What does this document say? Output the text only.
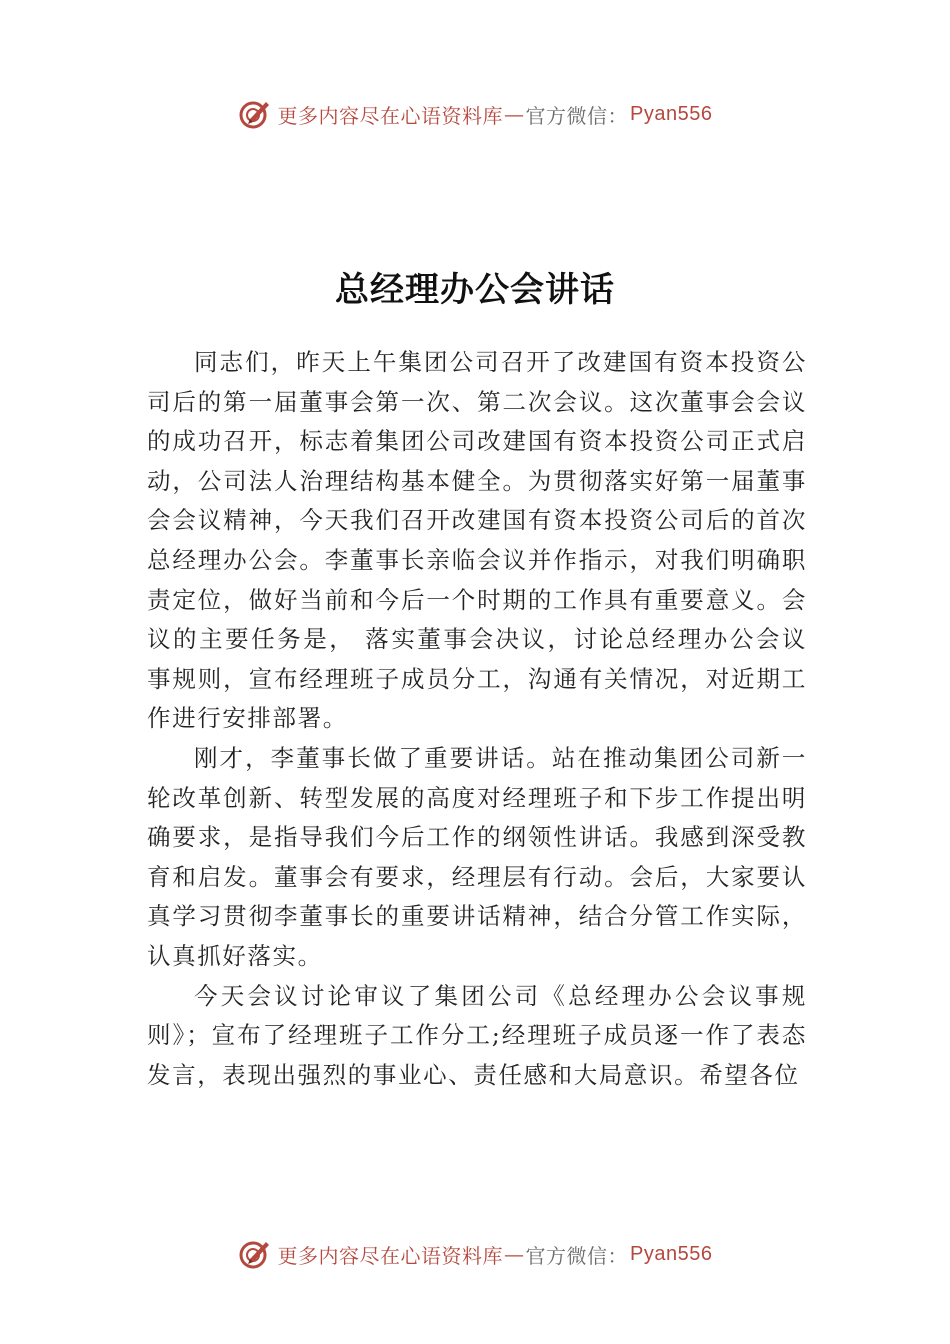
更多内容尽在心语资料库 — 官方微信： Pyan556
总经理办公会讲话

同志们，昨天上午集团公司召开了改建国有资本投资公司后的第一届董事会第一次、第二次会议。这次董事会会议的成功召开，标志着集团公司改建国有资本投资公司正式启动，公司法人治理结构基本健全。为贯彻落实好第一届董事会会议精神，今天我们召开改建国有资本投资公司后的首次总经理办公会。李董事长亲临会议并作指示，对我们明确职责定位，做好当前和今后一个时期的工作具有重要意义。会议的主要任务是， 落实董事会决议，讨论总经理办公会议事规则，宣布经理班子成员分工，沟通有关情况，对近期工作进行安排部署。

刚才，李董事长做了重要讲话。站在推动集团公司新一轮改革创新、转型发展的高度对经理班子和下步工作提出明确要求，是指导我们今后工作的纲领性讲话。我感到深受教育和启发。董事会有要求，经理层有行动。会后，大家要认真学习贯彻李董事长的重要讲话精神，结合分管工作实际，认真抓好落实。

今天会议讨论审议了集团公司《总经理办公会议事规则》；宣布了经理班子工作分工;经理班子成员逐一作了表态发言，表现出强烈的事业心、责任感和大局意识。希望各位

更多内容尽在心语资料库 — 官方微信： Pyan556
